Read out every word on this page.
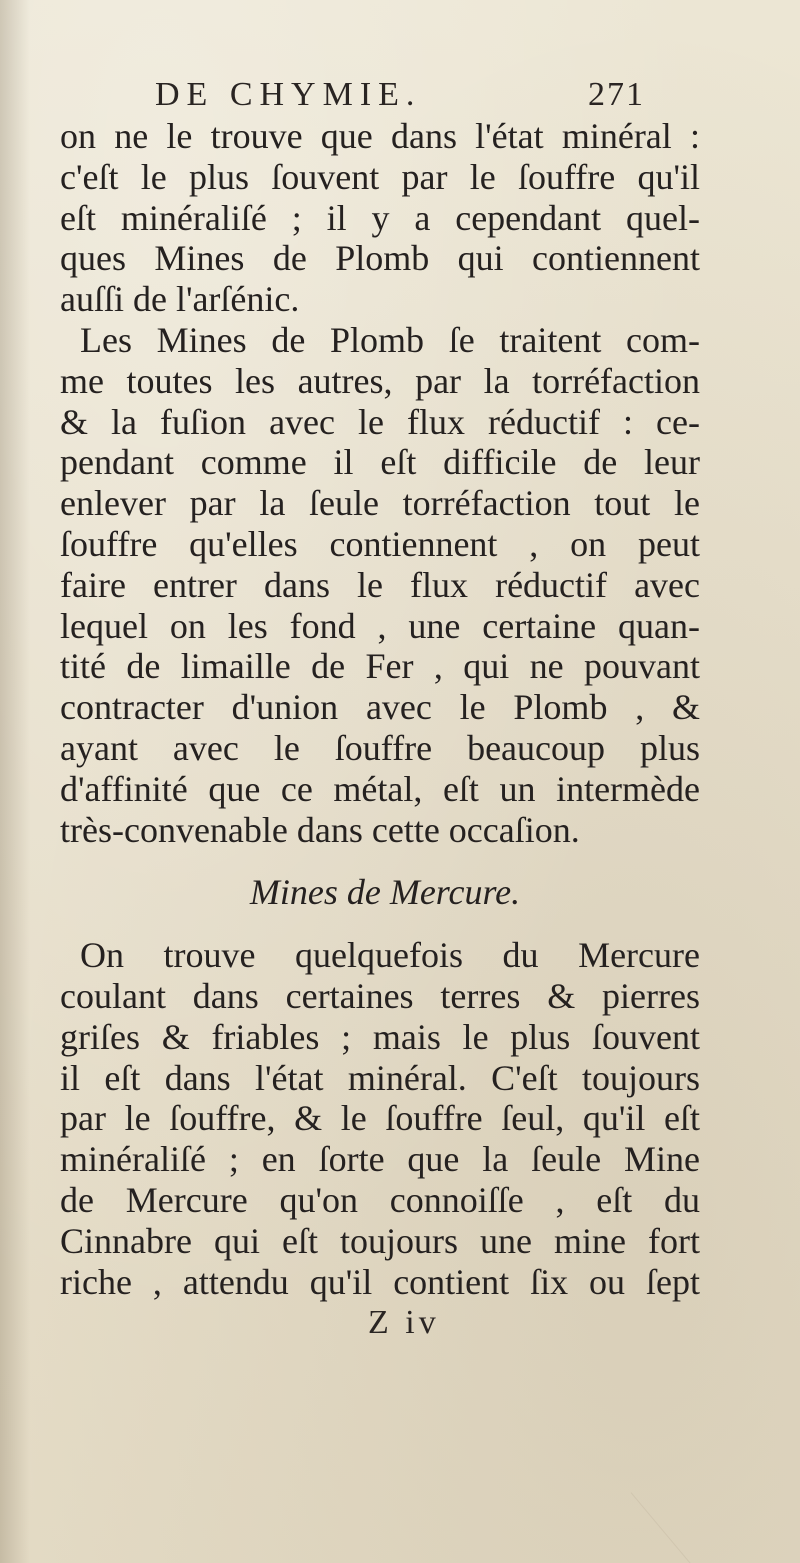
DE CHYMIE.	271
on ne le trouve que dans l'état minéral :
c'eſt le plus ſouvent par le ſouffre qu'il
eſt minéraliſé ; il y a cependant quel-
ques Mines de Plomb qui contiennent
auſſi de l'arſénic.
Les Mines de Plomb ſe traitent com-
me toutes les autres, par la torréfaction
& la fuſion avec le flux réductif : ce-
pendant comme il eſt difficile de leur
enlever par la ſeule torréfaction tout le
ſouffre qu'elles contiennent , on peut
faire entrer dans le flux réductif avec
lequel on les fond , une certaine quan-
tité de limaille de Fer , qui ne pouvant
contracter d'union avec le Plomb , &
ayant avec le ſouffre beaucoup plus
d'affinité que ce métal, eſt un intermède
très-convenable dans cette occaſion.
Mines de Mercure.
On trouve quelquefois du Mercure
coulant dans certaines terres & pierres
griſes & friables ; mais le plus ſouvent
il eſt dans l'état minéral. C'eſt toujours
par le ſouffre, & le ſouffre ſeul, qu'il eſt
minéraliſé ; en ſorte que la ſeule Mine
de Mercure qu'on connoiſſe , eſt du
Cinnabre qui eſt toujours une mine fort
riche , attendu qu'il contient ſix ou ſept
Z iv
